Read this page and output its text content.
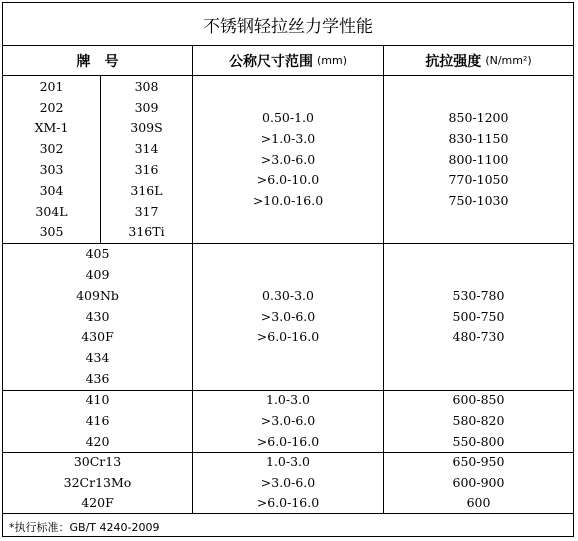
不锈钢轻拉丝力学性能
牌　号	公称尺寸范围 (mm)	抗拉强度 (N/mm²)
201
202
XM-1
302
303
304
304L
305
308
309
309S
314
316
316L
317
316Ti
0.50-1.0
>1.0-3.0
>3.0-6.0
>6.0-10.0
>10.0-16.0
850-1200
830-1150
800-1100
770-1050
750-1030
405
409
409Nb
430
430F
434
436
0.30-3.0
>3.0-6.0
>6.0-16.0
530-780
500-750
480-730
410
416
420
1.0-3.0
>3.0-6.0
>6.0-16.0
600-850
580-820
550-800
30Cr13
32Cr13Mo
420F
1.0-3.0
>3.0-6.0
>6.0-16.0
650-950
600-900
600
*执行标准：GB/T 4240-2009
